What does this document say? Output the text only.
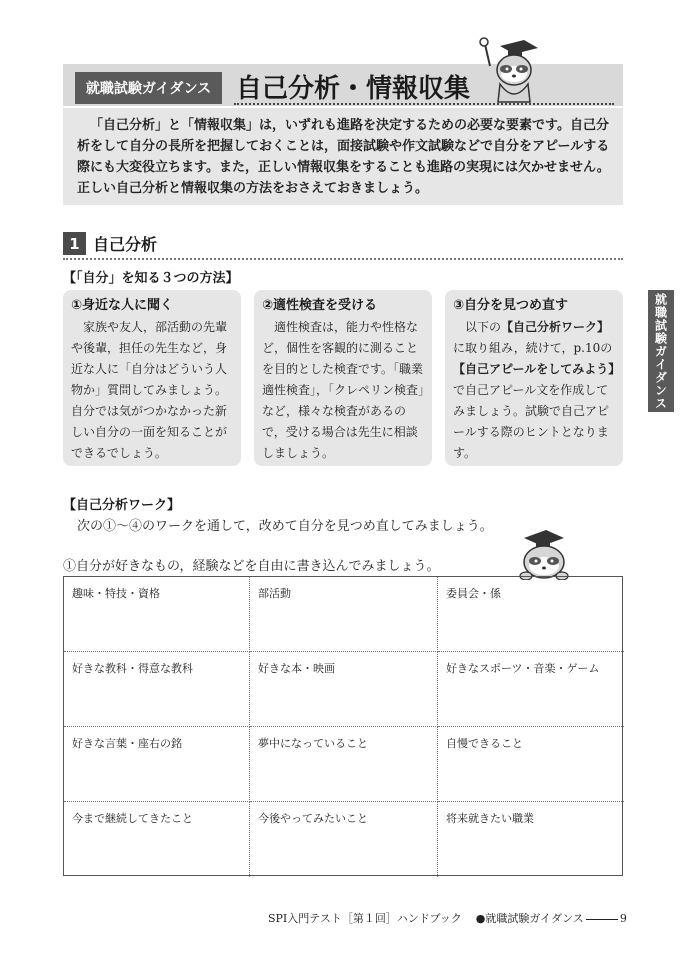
就職試験ガイダンス 自己分析・情報収集

「自己分析」と「情報収集」は，いずれも進路を決定するための必要な要素です。自己分析をして自分の長所を把握しておくことは，面接試験や作文試験などで自分をアピールする際にも大変役立ちます。また，正しい情報収集をすることも進路の実現には欠かせません。正しい自己分析と情報収集の方法をおさえておきましょう。

1 自己分析
【「自分」を知る３つの方法】
①身近な人に聞く
家族や友人，部活動の先輩や後輩，担任の先生など，身近な人に「自分はどういう人物か」質問してみましょう。自分では気がつかなかった新しい自分の一面を知ることができるでしょう。
②適性検査を受ける
適性検査は，能力や性格など，個性を客観的に測ることを目的とした検査です。「職業適性検査」，「クレペリン検査」など，様々な検査があるので，受ける場合は先生に相談しましょう。
③自分を見つめ直す
以下の【自己分析ワーク】に取り組み，続けて，p.10の【自己アピールをしてみよう】で自己アピール文を作成してみましょう。試験で自己アピールする際のヒントとなります。
就職試験ガイダンス
【自己分析ワーク】
次の①～④のワークを通して，改めて自分を見つめ直してみましょう。
①自分が好きなもの，経験などを自由に書き込んでみましょう。
趣味・特技・資格	部活動	委員会・係
好きな教科・得意な教科	好きな本・映画	好きなスポーツ・音楽・ゲーム
好きな言葉・座右の銘	夢中になっていること	自慢できること
今まで継続してきたこと	今後やってみたいこと	将来就きたい職業
SPI入門テスト［第１回］ハンドブック ●就職試験ガイダンス	9
